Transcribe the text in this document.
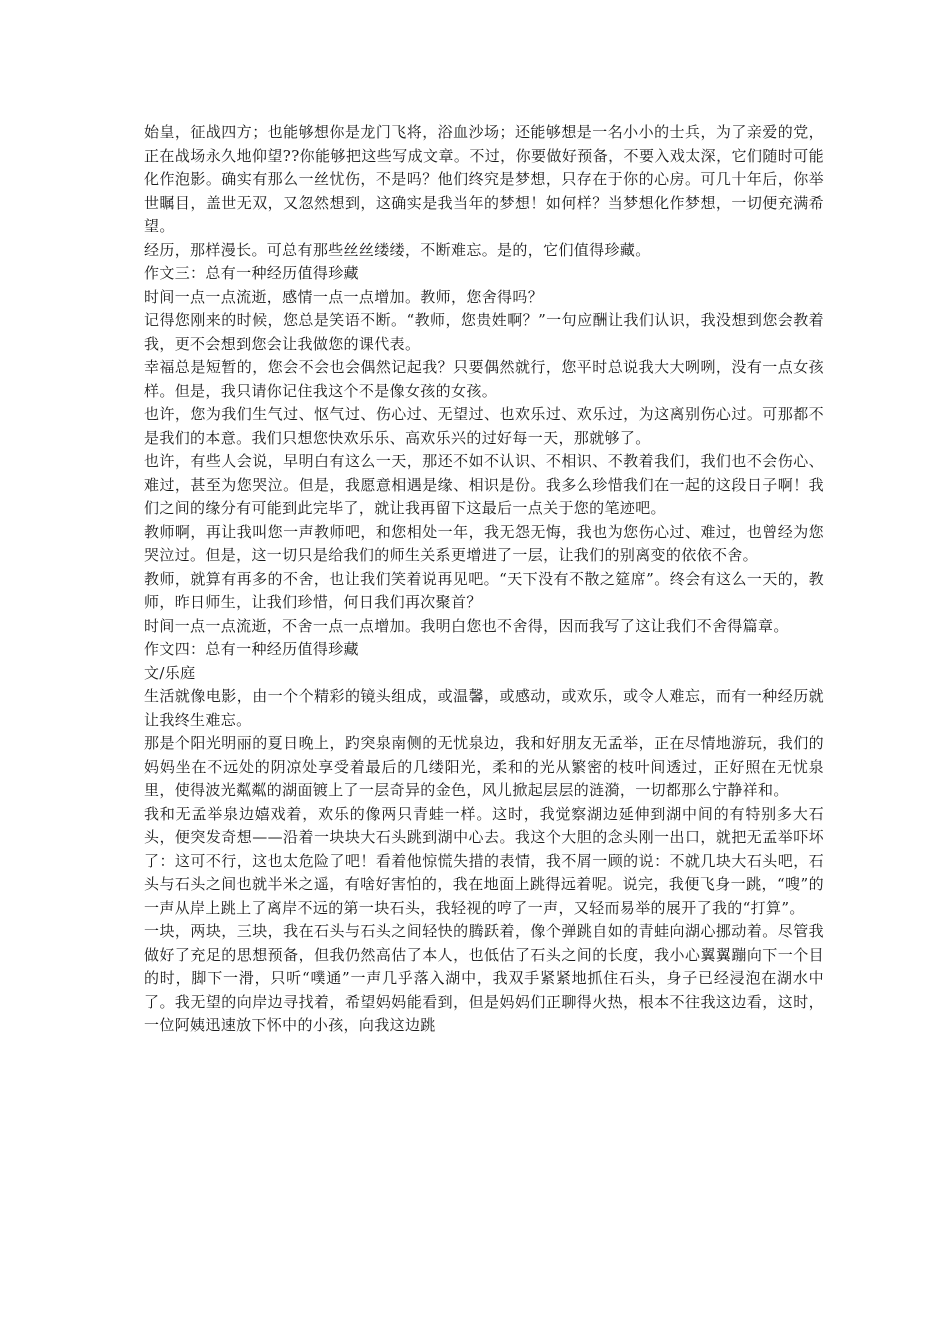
始皇，征战四方；也能够想你是龙门飞将，浴血沙场；还能够想是一名小小的士兵，为了亲爱的党，正在战场永久地仰望??你能够把这些写成文章。不过，你要做好预备，不要入戏太深，它们随时可能化作泡影。确实有那么一丝忧伤，不是吗？他们终究是梦想，只存在于你的心房。可几十年后，你举世瞩目，盖世无双，又忽然想到，这确实是我当年的梦想！如何样？当梦想化作梦想，一切便充满希望。

经历，那样漫长。可总有那些丝丝缕缕，不断难忘。是的，它们值得珍藏。

作文三：总有一种经历值得珍藏

时间一点一点流逝，感情一点一点增加。教师，您舍得吗？

记得您刚来的时候，您总是笑语不断。“教师，您贵姓啊？”一句应酬让我们认识，我没想到您会教着我，更不会想到您会让我做您的课代表。

幸福总是短暂的，您会不会也会偶然记起我？只要偶然就行，您平时总说我大大咧咧，没有一点女孩样。但是，我只请你记住我这个不是像女孩的女孩。

也许，您为我们生气过、怄气过、伤心过、无望过、也欢乐过、欢乐过，为这离别伤心过。可那都不是我们的本意。我们只想您快欢乐乐、高欢乐兴的过好每一天，那就够了。

也许，有些人会说，早明白有这么一天，那还不如不认识、不相识、不教着我们，我们也不会伤心、难过，甚至为您哭泣。但是，我愿意相遇是缘、相识是份。我多么珍惜我们在一起的这段日子啊！我们之间的缘分有可能到此完毕了，就让我再留下这最后一点关于您的笔迹吧。

教师啊，再让我叫您一声教师吧，和您相处一年，我无怨无悔，我也为您伤心过、难过，也曾经为您哭泣过。但是，这一切只是给我们的师生关系更增进了一层，让我们的别离变的依依不舍。

教师，就算有再多的不舍，也让我们笑着说再见吧。“天下没有不散之筵席”。终会有这么一天的，教师，昨日师生，让我们珍惜，何日我们再次聚首？

时间一点一点流逝，不舍一点一点增加。我明白您也不舍得，因而我写了这让我们不舍得篇章。

作文四：总有一种经历值得珍藏

文/乐庭

生活就像电影，由一个个精彩的镜头组成，或温馨，或感动，或欢乐，或令人难忘，而有一种经历就让我终生难忘。

那是个阳光明丽的夏日晚上，趵突泉南侧的无忧泉边，我和好朋友无孟举，正在尽情地游玩，我们的妈妈坐在不远处的阴凉处享受着最后的几缕阳光，柔和的光从繁密的枝叶间透过，正好照在无忧泉里，使得波光粼粼的湖面镀上了一层奇异的金色，风儿掀起层层的涟漪，一切都那么宁静祥和。

我和无孟举泉边嬉戏着，欢乐的像两只青蛙一样。这时，我觉察湖边延伸到湖中间的有特别多大石头，便突发奇想——沿着一块块大石头跳到湖中心去。我这个大胆的念头刚一出口，就把无孟举吓坏了：这可不行，这也太危险了吧！看着他惊慌失措的表情，我不屑一顾的说：不就几块大石头吧，石头与石头之间也就半米之遥，有啥好害怕的，我在地面上跳得远着呢。说完，我便飞身一跳，“嗖”的一声从岸上跳上了离岸不远的第一块石头，我轻视的哼了一声，又轻而易举的展开了我的“打算”。

一块，两块，三块，我在石头与石头之间轻快的腾跃着，像个弹跳自如的青蛙向湖心挪动着。尽管我做好了充足的思想预备，但我仍然高估了本人，也低估了石头之间的长度，我小心翼翼蹦向下一个目的时，脚下一滑，只听“噗通”一声几乎落入湖中，我双手紧紧地抓住石头，身子已经浸泡在湖水中了。我无望的向岸边寻找着，希望妈妈能看到，但是妈妈们正聊得火热，根本不往我这边看，这时，一位阿姨迅速放下怀中的小孩，向我这边跳
